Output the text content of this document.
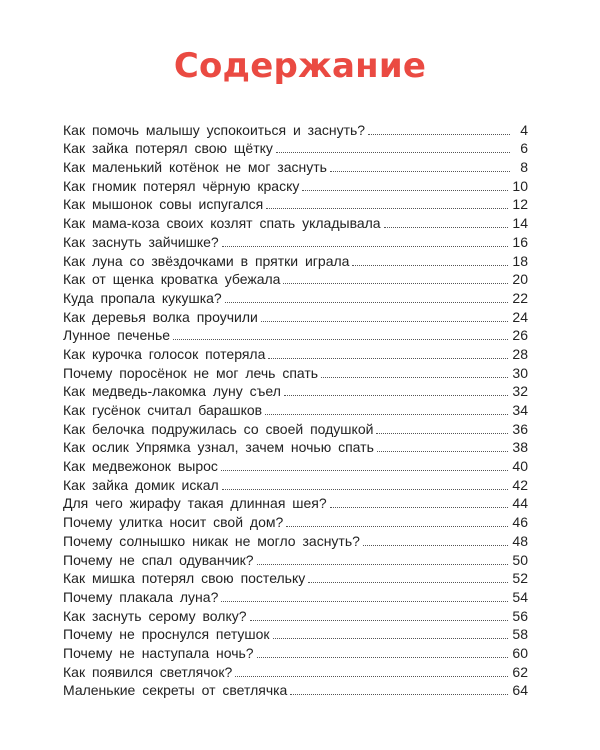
Содержание
Как помочь малышу успокоиться и заснуть?	4
Как зайка потерял свою щётку	6
Как маленький котёнок не мог заснуть	8
Как гномик потерял чёрную краску	10
Как мышонок совы испугался	12
Как мама-коза своих козлят спать укладывала	14
Как заснуть зайчишке?	16
Как луна со звёздочками в прятки играла	18
Как от щенка кроватка убежала	20
Куда пропала кукушка?	22
Как деревья волка проучили	24
Лунное печенье	26
Как курочка голосок потеряла	28
Почему поросёнок не мог лечь спать	30
Как медведь-лакомка луну съел	32
Как гусёнок считал барашков	34
Как белочка подружилась со своей подушкой	36
Как ослик Упрямка узнал, зачем ночью спать	38
Как медвежонок вырос	40
Как зайка домик искал	42
Для чего жирафу такая длинная шея?	44
Почему улитка носит свой дом?	46
Почему солнышко никак не могло заснуть?	48
Почему не спал одуванчик?	50
Как мишка потерял свою постельку	52
Почему плакала луна?	54
Как заснуть серому волку?	56
Почему не проснулся петушок	58
Почему не наступала ночь?	60
Как появился светлячок?	62
Маленькие секреты от светлячка	64
